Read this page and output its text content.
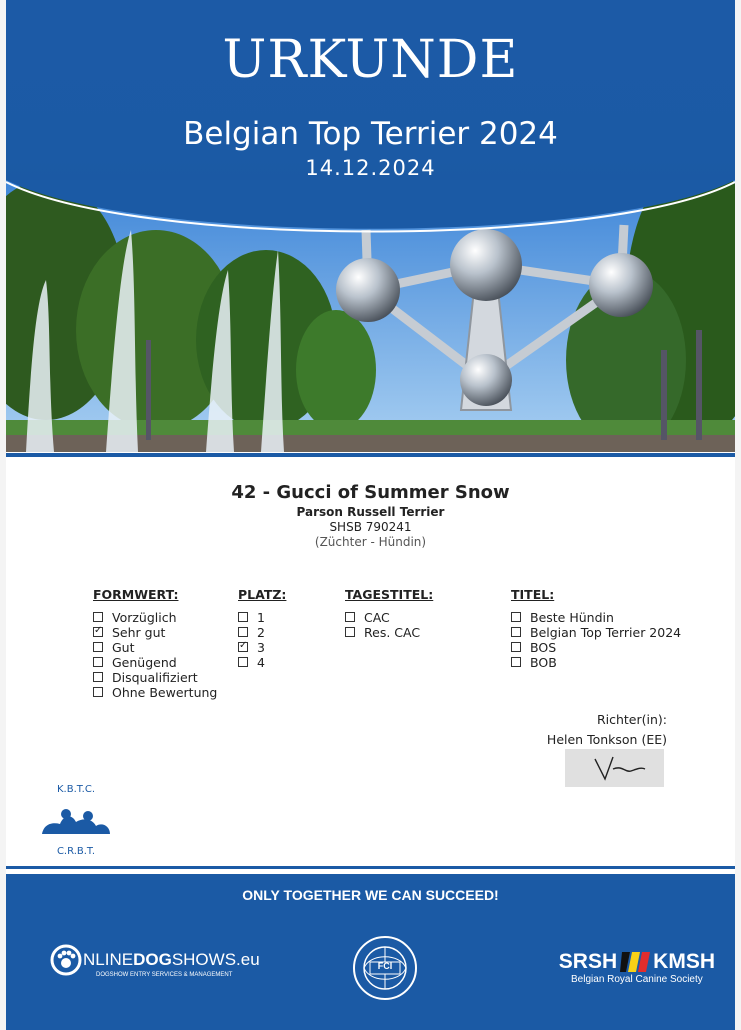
URKUNDE
Belgian Top Terrier 2024
14.12.2024
42 - Gucci of Summer Snow
Parson Russell Terrier
SHSB 790241
(Züchter - Hündin)
FORMWERT:
Vorzüglich
✓Sehr gut
Gut
Genügend
Disqualifiziert
Ohne Bewertung
PLATZ:
1
2
✓3
4
TAGESTITEL:
CAC
Res. CAC
TITEL:
Beste Hündin
Belgian Top Terrier 2024
BOS
BOB
Richter(in):
Helen Tonkson (EE)
K.B.T.C.
C.R.B.T.
ONLY TOGETHER WE CAN SUCCEED!
NLINEDOGSHOWS.eu
DOGSHOW ENTRY SERVICES & MANAGEMENT
FCI	SRSH KMSH
Belgian Royal Canine Society
